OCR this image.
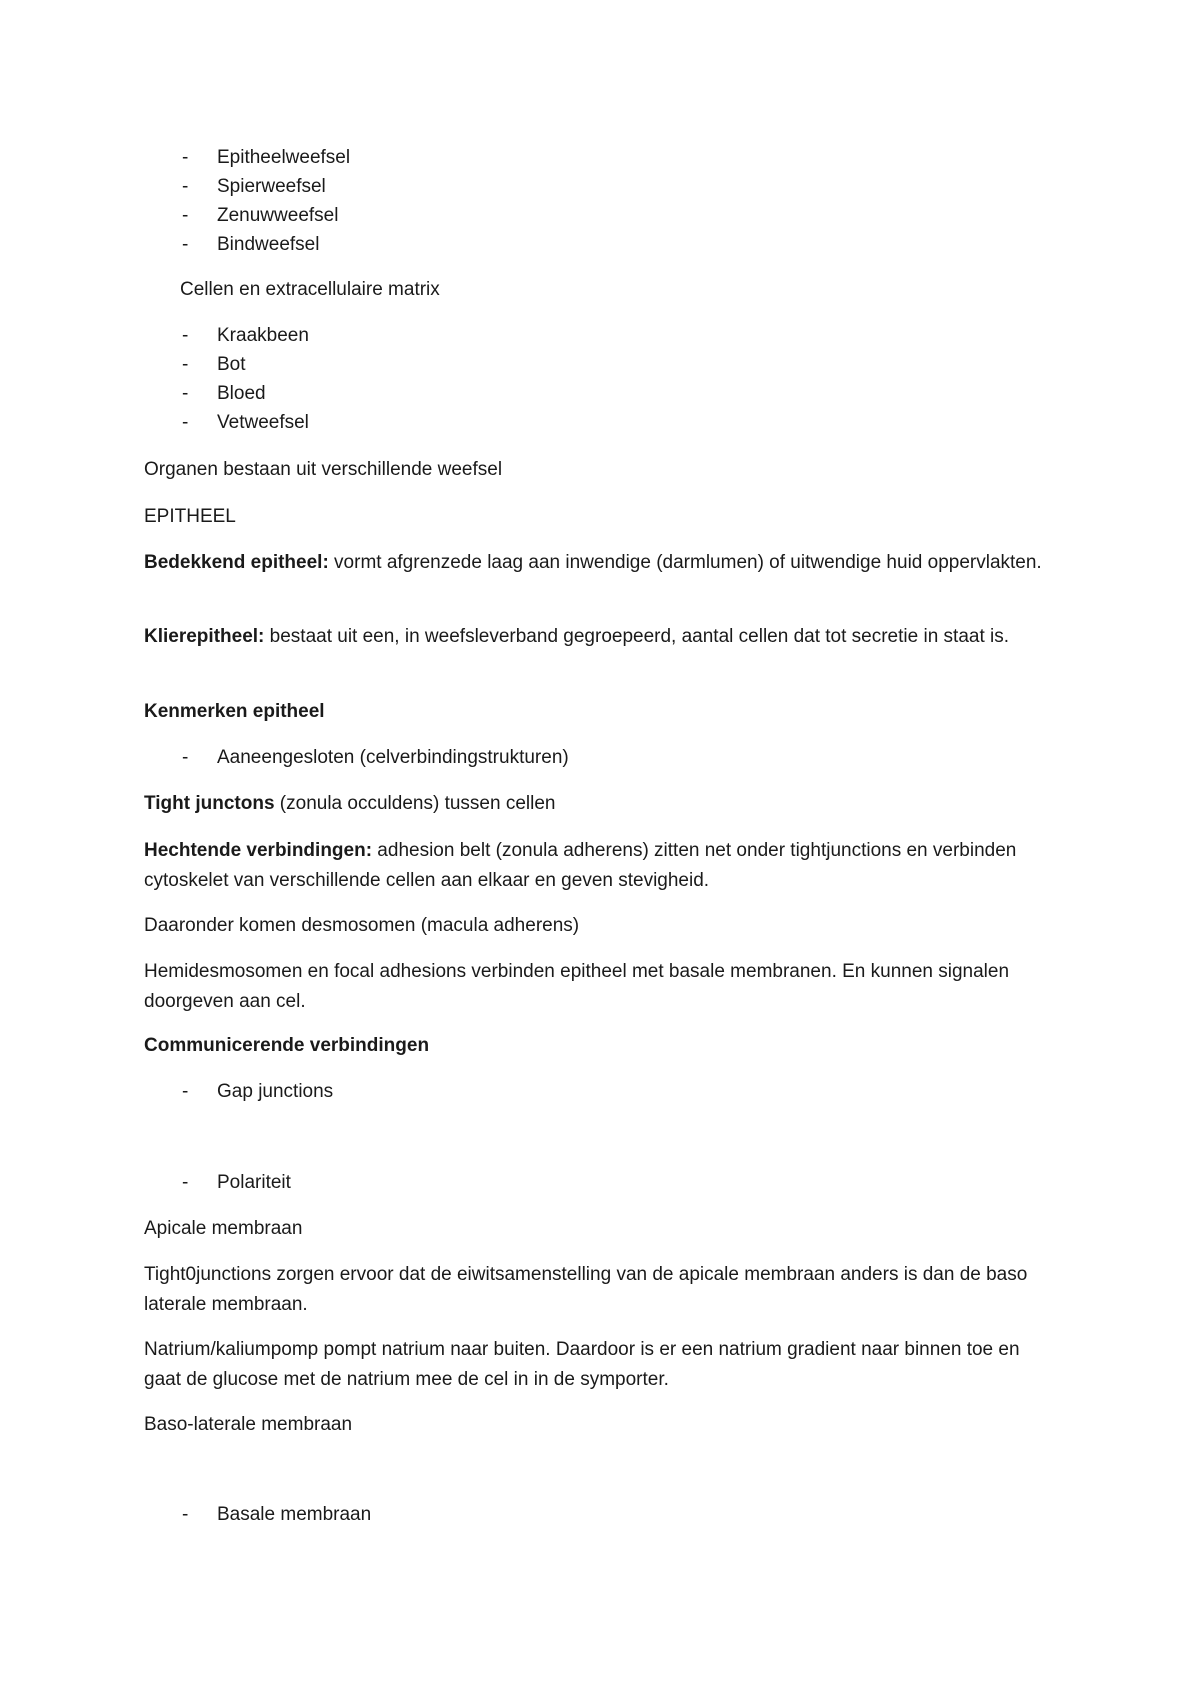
- Epitheelweefsel
- Spierweefsel
- Zenuwweefsel
- Bindweefsel
Cellen en extracellulaire matrix
- Kraakbeen
- Bot
- Bloed
- Vetweefsel
Organen bestaan uit verschillende weefsel
EPITHEEL
Bedekkend epitheel: vormt afgrenzede laag aan inwendige (darmlumen) of uitwendige huid oppervlakten.
Klierepitheel: bestaat uit een, in weefsleverband gegroepeerd, aantal cellen dat tot secretie in staat is.
Kenmerken epitheel
- Aaneengesloten (celverbindingstrukturen)
Tight junctons (zonula occuldens) tussen cellen
Hechtende verbindingen: adhesion belt (zonula adherens) zitten net onder tightjunctions en verbinden cytoskelet van verschillende cellen aan elkaar en geven stevigheid.
Daaronder komen desmosomen (macula adherens)
Hemidesmosomen en focal adhesions verbinden epitheel met basale membranen. En kunnen signalen doorgeven aan cel.
Communicerende verbindingen
- Gap junctions
- Polariteit
Apicale membraan
Tight0junctions zorgen ervoor dat de eiwitsamenstelling van de apicale membraan anders is dan de baso laterale membraan.
Natrium/kaliumpomp pompt natrium naar buiten. Daardoor is er een natrium gradient naar binnen toe en gaat de glucose met de natrium mee de cel in in de symporter.
Baso-laterale membraan
- Basale membraan
